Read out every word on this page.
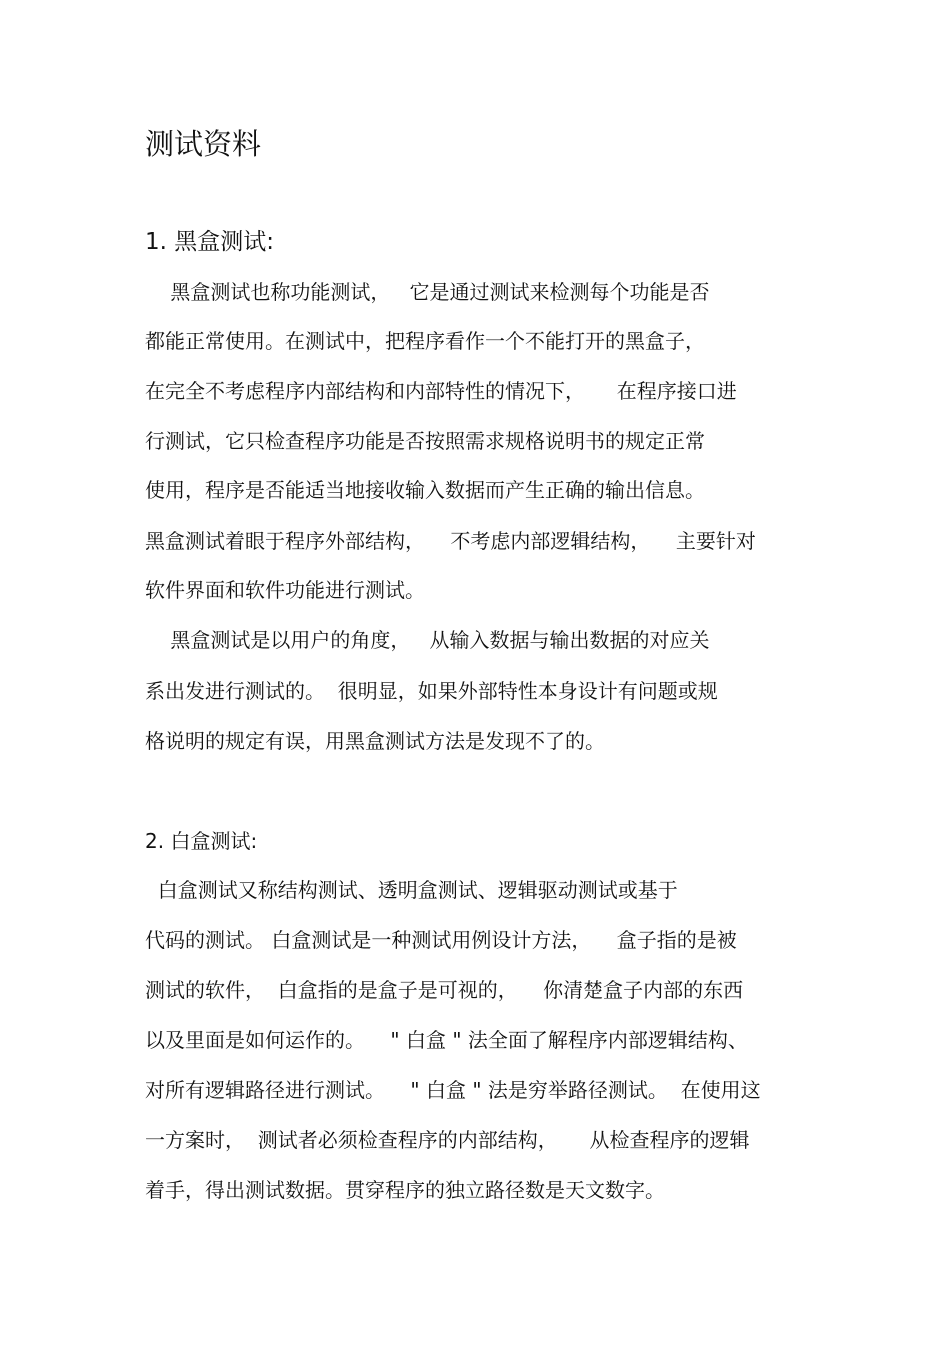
测试资料
1. 黑盒测试:
黑盒测试也称功能测试，   它是通过测试来检测每个功能是否
都能正常使用。在测试中，把程序看作一个不能打开的黑盒子，
在完全不考虑程序内部结构和内部特性的情况下，     在程序接口进
行测试，它只检查程序功能是否按照需求规格说明书的规定正常
使用，程序是否能适当地接收输入数据而产生正确的输出信息。
黑盒测试着眼于程序外部结构，    不考虑内部逻辑结构，    主要针对
软件界面和软件功能进行测试。
黑盒测试是以用户的角度，   从输入数据与输出数据的对应关
系出发进行测试的。  很明显，如果外部特性本身设计有问题或规
格说明的规定有误，用黑盒测试方法是发现不了的。
2. 白盒测试:
白盒测试又称结构测试、透明盒测试、逻辑驱动测试或基于
代码的测试。 白盒测试是一种测试用例设计方法，    盒子指的是被
测试的软件，  白盒指的是盒子是可视的，    你清楚盒子内部的东西
以及里面是如何运作的。    " 白盒 " 法全面了解程序内部逻辑结构、
对所有逻辑路径进行测试。    " 白盒 " 法是穷举路径测试。  在使用这
一方案时，  测试者必须检查程序的内部结构，     从检查程序的逻辑
着手，得出测试数据。贯穿程序的独立路径数是天文数字。
